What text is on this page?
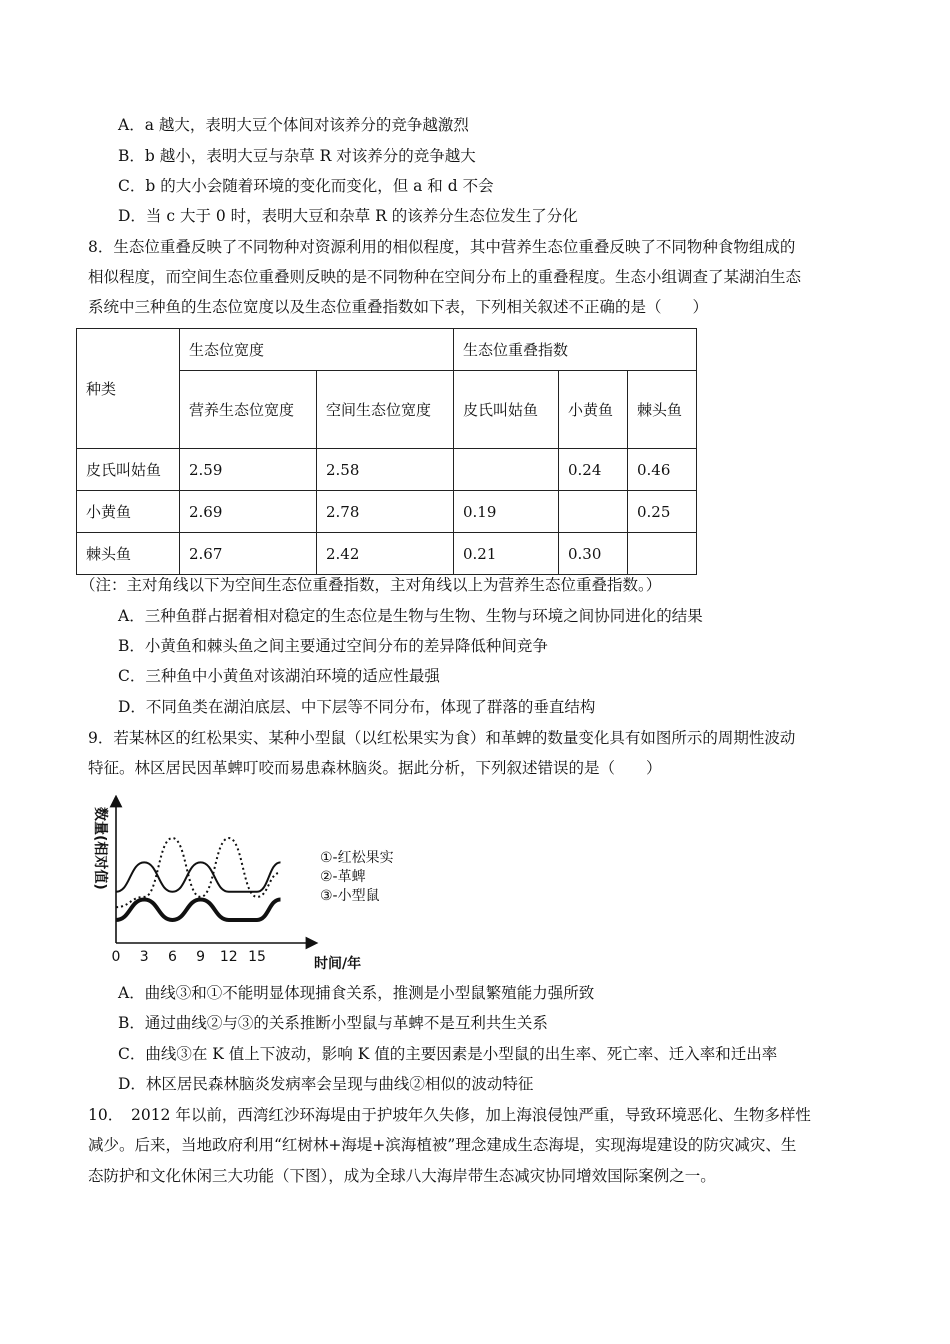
A．a 越大，表明大豆个体间对该养分的竞争越激烈
B．b 越小，表明大豆与杂草 R 对该养分的竞争越大
C．b 的大小会随着环境的变化而变化，但 a 和 d 不会
D．当 c 大于 0 时，表明大豆和杂草 R 的该养分生态位发生了分化
8．生态位重叠反映了不同物种对资源利用的相似程度，其中营养生态位重叠反映了不同物种食物组成的
相似程度，而空间生态位重叠则反映的是不同物种在空间分布上的重叠程度。生态小组调查了某湖泊生态
系统中三种鱼的生态位宽度以及生态位重叠指数如下表，下列相关叙述不正确的是（　　）
种类	生态位宽度		生态位重叠指数		
	营养生态位宽度	空间生态位宽度	皮氏叫姑鱼	小黄鱼	棘头鱼
皮氏叫姑鱼	2.59	2.58		0.24	0.46
小黄鱼	2.69	2.78	0.19		0.25
棘头鱼	2.67	2.42	0.21	0.30	
（注：主对角线以下为空间生态位重叠指数，主对角线以上为营养生态位重叠指数。）
A．三种鱼群占据着相对稳定的生态位是生物与生物、生物与环境之间协同进化的结果
B．小黄鱼和棘头鱼之间主要通过空间分布的差异降低种间竞争
C．三种鱼中小黄鱼对该湖泊环境的适应性最强
D．不同鱼类在湖泊底层、中下层等不同分布，体现了群落的垂直结构
9．若某林区的红松果实、某种小型鼠（以红松果实为食）和革蜱的数量变化具有如图所示的周期性波动
特征。林区居民因革蜱叮咬而易患森林脑炎。据此分析，下列叙述错误的是（　　）
0 3 6 9 12 15
①-红松果实
②-革蜱
③-小型鼠
数量(相对值)
时间/年
A．曲线③和①不能明显体现捕食关系，推测是小型鼠繁殖能力强所致
B．通过曲线②与③的关系推断小型鼠与革蜱不是互利共生关系
C．曲线③在 K 值上下波动，影响 K 值的主要因素是小型鼠的出生率、死亡率、迁入率和迁出率
D．林区居民森林脑炎发病率会呈现与曲线②相似的波动特征
10．　2012 年以前，西湾红沙环海堤由于护坡年久失修，加上海浪侵蚀严重，导致环境恶化、生物多样性
减少。后来，当地政府利用“红树林+海堤+滨海植被”理念建成生态海堤，实现海堤建设的防灾减灾、生
态防护和文化休闲三大功能（下图），成为全球八大海岸带生态减灾协同增效国际案例之一。
